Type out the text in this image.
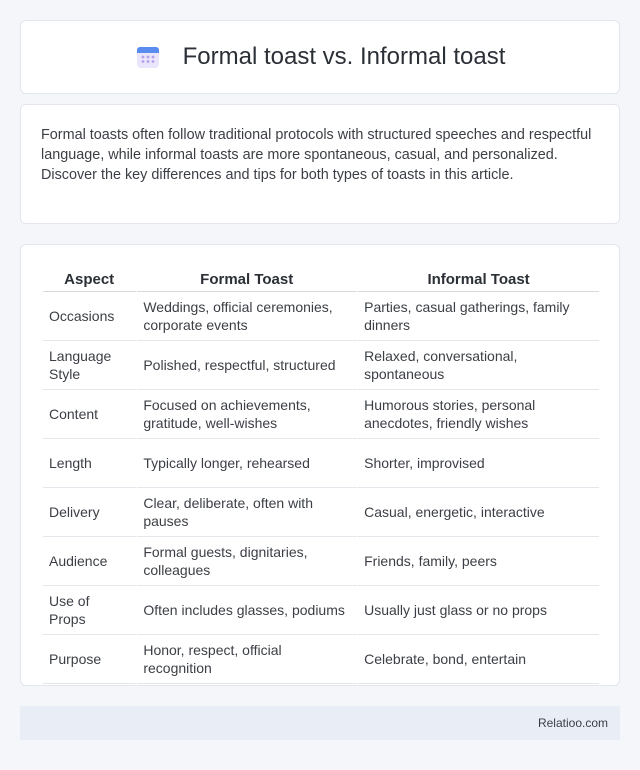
Formal toast vs. Informal toast

Formal toasts often follow traditional protocols with structured speeches and respectful language, while informal toasts are more spontaneous, casual, and personalized. Discover the key differences and tips for both types of toasts in this article.

Aspect	Formal Toast	Informal Toast
Occasions	Weddings, official ceremonies, corporate events	Parties, casual gatherings, family dinners
Language Style	Polished, respectful, structured	Relaxed, conversational, spontaneous
Content	Focused on achievements, gratitude, well-wishes	Humorous stories, personal anecdotes, friendly wishes
Length	Typically longer, rehearsed	Shorter, improvised
Delivery	Clear, deliberate, often with pauses	Casual, energetic, interactive
Audience	Formal guests, dignitaries, colleagues	Friends, family, peers
Use of Props	Often includes glasses, podiums	Usually just glass or no props
Purpose	Honor, respect, official recognition	Celebrate, bond, entertain
Relatioo.com
